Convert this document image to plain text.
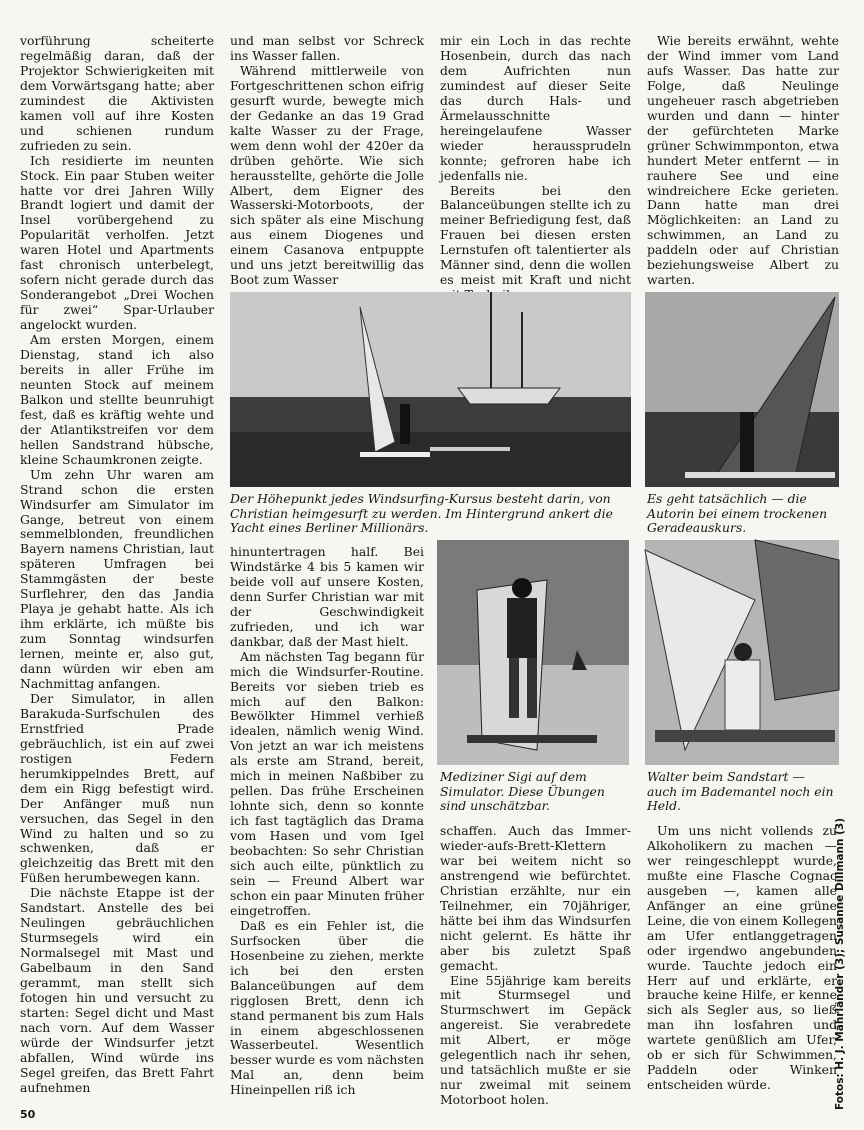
vorführung scheiterte regelmäßig daran, daß der Projektor Schwierigkeiten mit dem Vorwärtsgang hatte; aber zumindest die Aktivisten kamen voll auf ihre Kosten und schienen rundum zufrieden zu sein.

Ich residierte im neunten Stock. Ein paar Stuben weiter hatte vor drei Jahren Willy Brandt logiert und damit der Insel vorübergehend zu Popularität verholfen. Jetzt waren Hotel und Apartments fast chronisch unterbelegt, sofern nicht gerade durch das Sonderangebot „Drei Wochen für zwei“ Spar-Urlauber angelockt wurden.

Am ersten Morgen, einem Dienstag, stand ich also bereits in aller Frühe im neunten Stock auf meinem Balkon und stellte beunruhigt fest, daß es kräftig wehte und der Atlantikstreifen vor dem hellen Sandstrand hübsche, kleine Schaumkronen zeigte.

Um zehn Uhr waren am Strand schon die ersten Windsurfer am Simulator im Gange, betreut von einem semmelblonden, freundlichen Bayern namens Christian, laut späteren Umfragen bei Stammgästen der beste Surflehrer, den das Jandia Playa je gehabt hatte. Als ich ihm erklärte, ich müßte bis zum Sonntag windsurfen lernen, meinte er, also gut, dann würden wir eben am Nachmittag anfangen.

Der Simulator, in allen Barakuda-Surfschulen des Ernstfried Prade gebräuchlich, ist ein auf zwei rostigen Federn herumkippelndes Brett, auf dem ein Rigg befestigt wird. Der Anfänger muß nun versuchen, das Segel in den Wind zu halten und so zu schwenken, daß er gleichzeitig das Brett mit den Füßen herumbewegen kann.

Die nächste Etappe ist der Sandstart. Anstelle des bei Neulingen gebräuchlichen Sturmsegels wird ein Normalsegel mit Mast und Gabelbaum in den Sand gerammt, man stellt sich fotogen hin und versucht zu starten: Segel dicht und Mast nach vorn. Auf dem Wasser würde der Windsurfer jetzt abfallen, Wind würde ins Segel greifen, das Brett Fahrt aufnehmen

und man selbst vor Schreck ins Wasser fallen.

Während mittlerweile von Fortgeschrittenen schon eifrig gesurft wurde, bewegte mich der Gedanke an das 19 Grad kalte Wasser zu der Frage, wem denn wohl der 420er da drüben gehörte. Wie sich herausstellte, gehörte die Jolle Albert, dem Eigner des Wasserski-Motorboots, der sich später als eine Mischung aus einem Diogenes und einem Casanova entpuppte und uns jetzt bereitwillig das Boot zum Wasser

mir ein Loch in das rechte Hosenbein, durch das nach dem Aufrichten nun zumindest auf dieser Seite das durch Hals- und Ärmelausschnitte hereingelaufene Wasser wieder heraussprudeln konnte; gefroren habe ich jedenfalls nie.

Bereits bei den Balanceübungen stellte ich zu meiner Befriedigung fest, daß Frauen bei diesen ersten Lernstufen oft talentierter als Männer sind, denn die wollen es meist mit Kraft und nicht

Wie bereits erwähnt, wehte der Wind immer vom Land aufs Wasser. Das hatte zur Folge, daß Neulinge ungeheuer rasch abgetrieben wurden und dann — hinter der gefürchteten Marke grüner Schwimmponton, etwa hundert Meter entfernt — in rauhere See und eine windreichere Ecke gerieten. Dann hatte man drei Möglichkeiten: an Land zu schwimmen, an Land zu paddeln oder auf Christian beziehungsweise Albert zu warten.

hinuntertragen half. Bei Windstärke 4 bis 5 kamen wir beide voll auf unsere Kosten, denn Surfer Christian war mit der Geschwindigkeit zufrieden, und ich war dankbar, daß der Mast hielt.

Am nächsten Tag begann für mich die Windsurfer-Routine. Bereits vor sieben trieb es mich auf den Balkon: Bewölkter Himmel verhieß idealen, nämlich wenig Wind. Von jetzt an war ich meistens als erste am Strand, bereit, mich in meinen Naßbiber zu pellen. Das frühe Erscheinen lohnte sich, denn so konnte ich fast tagtäglich das Drama vom Hasen und vom Igel beobachten: So sehr Christian sich auch eilte, pünktlich zu sein — Freund Albert war schon ein paar Minuten früher eingetroffen.

Daß es ein Fehler ist, die Surfsocken über die Hosenbeine zu ziehen, merkte ich bei den ersten Balanceübungen auf dem rigglosen Brett, denn ich stand permanent bis zum Hals in einem abgeschlossenen Wasserbeutel. Wesentlich besser wurde es vom nächsten Mal an, denn beim Hineinpellen riß ich

schaffen. Auch das Immer-wieder-aufs-Brett-Klettern war bei weitem nicht so anstrengend wie befürchtet. Christian erzählte, nur ein Teilnehmer, ein 70jähriger, hätte bei ihm das Windsurfen nicht gelernt. Es hätte ihr aber bis zuletzt Spaß gemacht.

Eine 55jährige kam bereits mit Sturmsegel und Sturmschwert im Gepäck angereist. Sie verabredete mit Albert, er möge gelegentlich nach ihr sehen, und tatsächlich mußte er sie nur zweimal mit seinem Motorboot holen.

Um uns nicht vollends zu Alkoholikern zu machen — wer reingeschleppt wurde, mußte eine Flasche Cognac ausgeben —, kamen alle Anfänger an eine grüne Leine, die von einem Kollegen am Ufer entlanggetragen oder irgendwo angebunden wurde. Tauchte jedoch ein Herr auf und erklärte, er brauche keine Hilfe, er kenne sich als Segler aus, so ließ man ihn losfahren und wartete genüßlich am Ufer, ob er sich für Schwimmen, Paddeln oder Winken entscheiden würde.

Der Höhepunkt jedes Windsurfing-Kursus besteht darin, von Christian heimgesurft zu werden. Im Hintergrund ankert die Yacht eines Berliner Millionärs.
Es geht tatsächlich — die Autorin bei einem trockenen Geradeauskurs.
Mediziner Sigi auf dem Simulator. Diese Übungen sind unschätzbar.
Walter beim Sandstart — auch im Bademantel noch ein Held.
Fotos: H. J. Mährländer (3); Susanne Dillmann (3)
50
